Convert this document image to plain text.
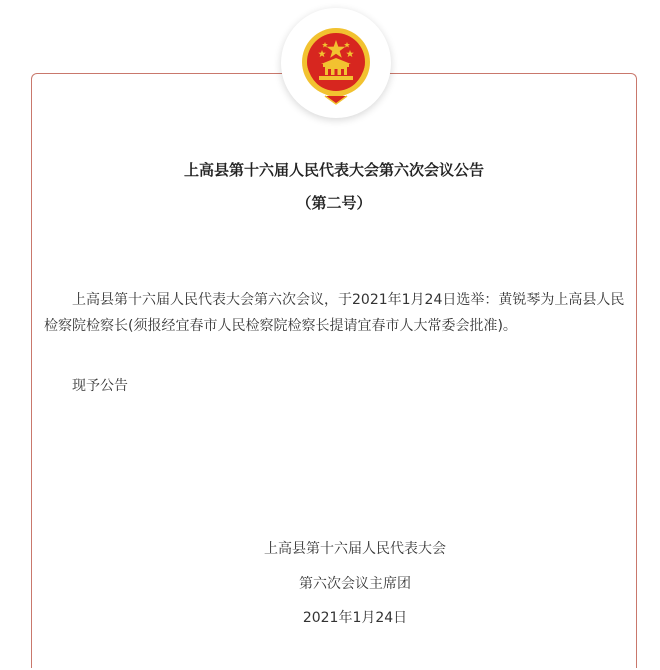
上高县第十六届人民代表大会第六次会议公告
（第二号）

上高县第十六届人民代表大会第六次会议，于2021年1月24日选举：黄锐琴为上高县人民检察院检察长(须报经宜春市人民检察院检察长提请宜春市人大常委会批准)。

现予公告

上高县第十六届人民代表大会
第六次会议主席团
2021年1月24日
